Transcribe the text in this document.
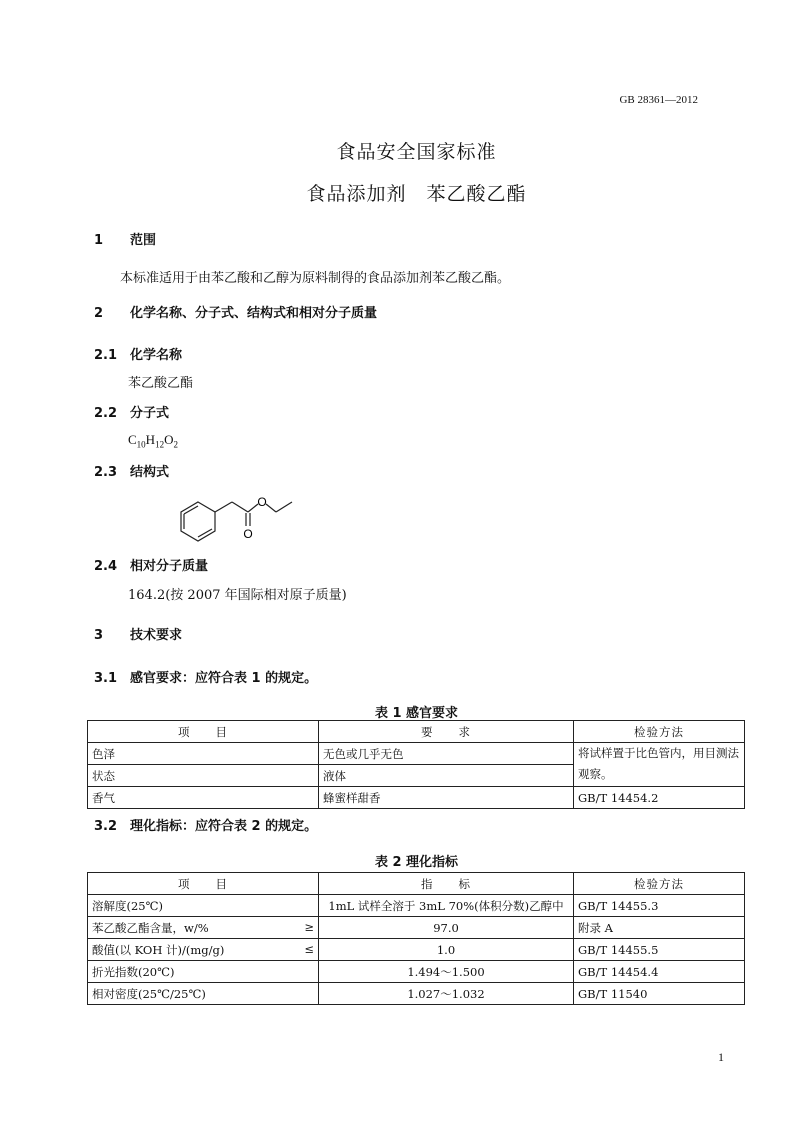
GB 28361—2012
食品安全国家标准
食品添加剂　苯乙酸乙酯
1 范围
本标准适用于由苯乙酸和乙醇为原料制得的食品添加剂苯乙酸乙酯。
2 化学名称、分子式、结构式和相对分子质量
2.1 化学名称
苯乙酸乙酯
2.2 分子式
$C_{10}H_{12}O_2$
2.3 结构式
O
O
2.4 相对分子质量
164.2(按 2007 年国际相对原子质量)
3 技术要求
3.1 感官要求：应符合表 1 的规定。
表 1 感官要求
项　　目	要　　求	检验方法
色泽	无色或几乎无色	将试样置于比色管内，用目测法观察。
状态	液体	
香气	蜂蜜样甜香	GB/T 14454.2
3.2 理化指标：应符合表 2 的规定。
表 2 理化指标
项　　目	指　　标	检验方法
溶解度(25℃)	1mL 试样全溶于 3mL 70%(体积分数)乙醇中	GB/T 14455.3
苯乙酸乙酯含量，w/% ≥	97.0	附录 A
酸值(以 KOH 计)/(mg/g) ≤	1.0	GB/T 14455.5
折光指数(20℃)	1.494～1.500	GB/T 14454.4
相对密度(25℃/25℃)	1.027～1.032	GB/T 11540
1
